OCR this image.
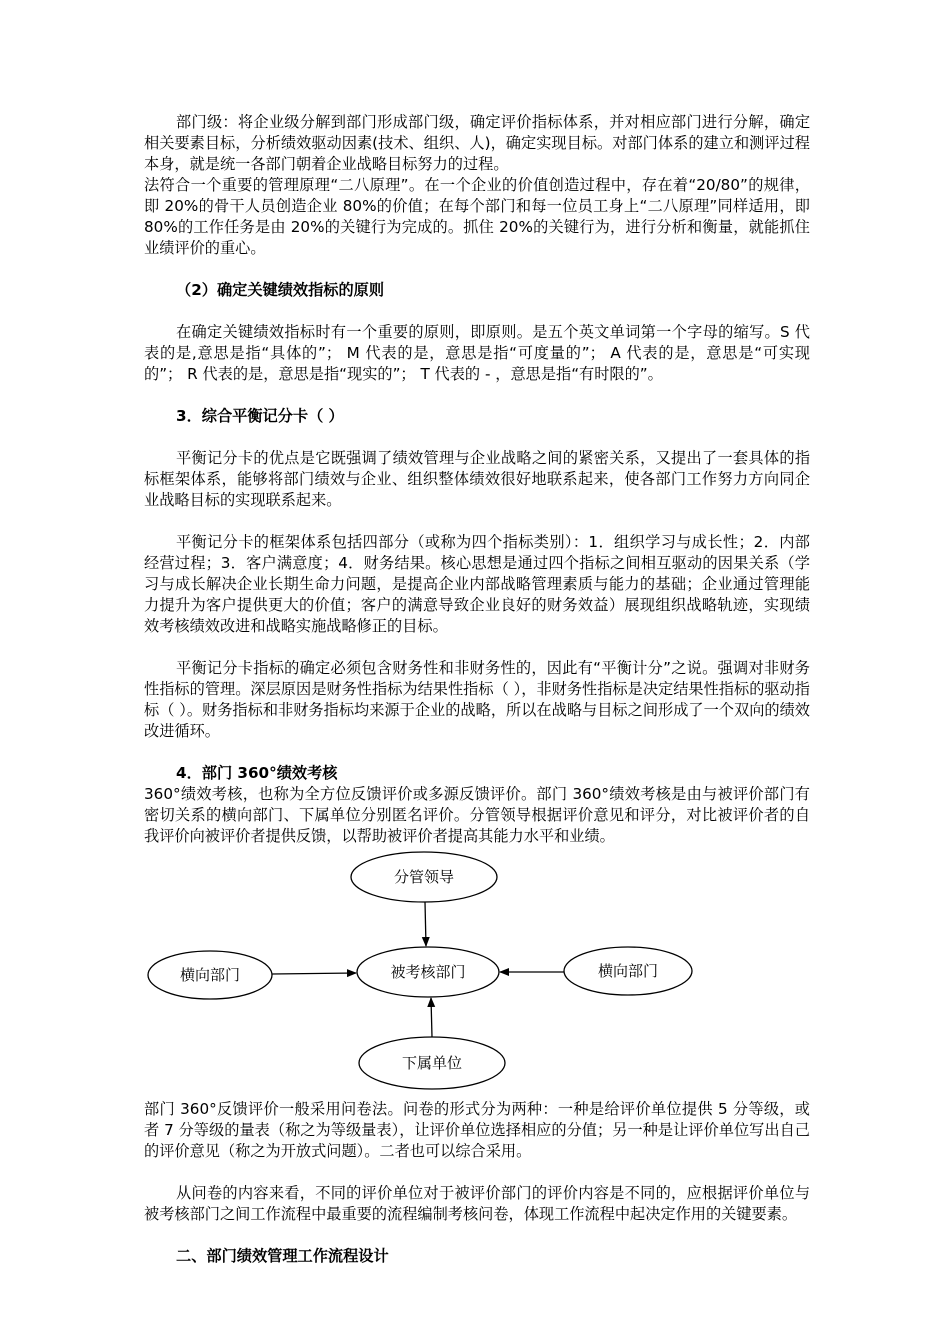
部门级：将企业级分解到部门形成部门级，确定评价指标体系，并对相应部门进行分解，确定相关要素目标，分析绩效驱动因素(技术、组织、人)，确定实现目标。对部门体系的建立和测评过程本身，就是统一各部门朝着企业战略目标努力的过程。

法符合一个重要的管理原理“二八原理”。在一个企业的价值创造过程中，存在着“20/80”的规律，即 20%的骨干人员创造企业 80%的价值；在每个部门和每一位员工身上“二八原理”同样适用，即 80%的工作任务是由 20%的关键行为完成的。抓住 20%的关键行为，进行分析和衡量，就能抓住业绩评价的重心。

（2）确定关键绩效指标的原则

在确定关键绩效指标时有一个重要的原则，即原则。是五个英文单词第一个字母的缩写。S 代表的是,意思是指“具体的”； M 代表的是，意思是指“可度量的”； A 代表的是，意思是“可实现的”； R 代表的是，意思是指“现实的”； T 代表的 - ，意思是指“有时限的”。

3．综合平衡记分卡（ ）

平衡记分卡的优点是它既强调了绩效管理与企业战略之间的紧密关系，又提出了一套具体的指标框架体系，能够将部门绩效与企业、组织整体绩效很好地联系起来，使各部门工作努力方向同企业战略目标的实现联系起来。

平衡记分卡的框架体系包括四部分（或称为四个指标类别）：1．组织学习与成长性；2．内部经营过程；3．客户满意度；4．财务结果。核心思想是通过四个指标之间相互驱动的因果关系（学习与成长解决企业长期生命力问题，是提高企业内部战略管理素质与能力的基础；企业通过管理能力提升为客户提供更大的价值；客户的满意导致企业良好的财务效益）展现组织战略轨迹，实现绩效考核绩效改进和战略实施战略修正的目标。

平衡记分卡指标的确定必须包含财务性和非财务性的，因此有“平衡计分”之说。强调对非财务性指标的管理。深层原因是财务性指标为结果性指标（ ），非财务性指标是决定结果性指标的驱动指标（ ）。财务指标和非财务指标均来源于企业的战略，所以在战略与目标之间形成了一个双向的绩效改进循环。

4．部门 360°绩效考核

360°绩效考核，也称为全方位反馈评价或多源反馈评价。部门 360°绩效考核是由与被评价部门有密切关系的横向部门、下属单位分别匿名评价。分管领导根据评价意见和评分，对比被评价者的自我评价向被评价者提供反馈，以帮助被评价者提高其能力水平和业绩。

分管领导
被考核部门
横向部门	横向部门
下属单位

部门 360°反馈评价一般采用问卷法。问卷的形式分为两种：一种是给评价单位提供 5 分等级，或者 7 分等级的量表（称之为等级量表），让评价单位选择相应的分值；另一种是让评价单位写出自己的评价意见（称之为开放式问题）。二者也可以综合采用。

从问卷的内容来看，不同的评价单位对于被评价部门的评价内容是不同的，应根据评价单位与被考核部门之间工作流程中最重要的流程编制考核问卷，体现工作流程中起决定作用的关键要素。

二、部门绩效管理工作流程设计
